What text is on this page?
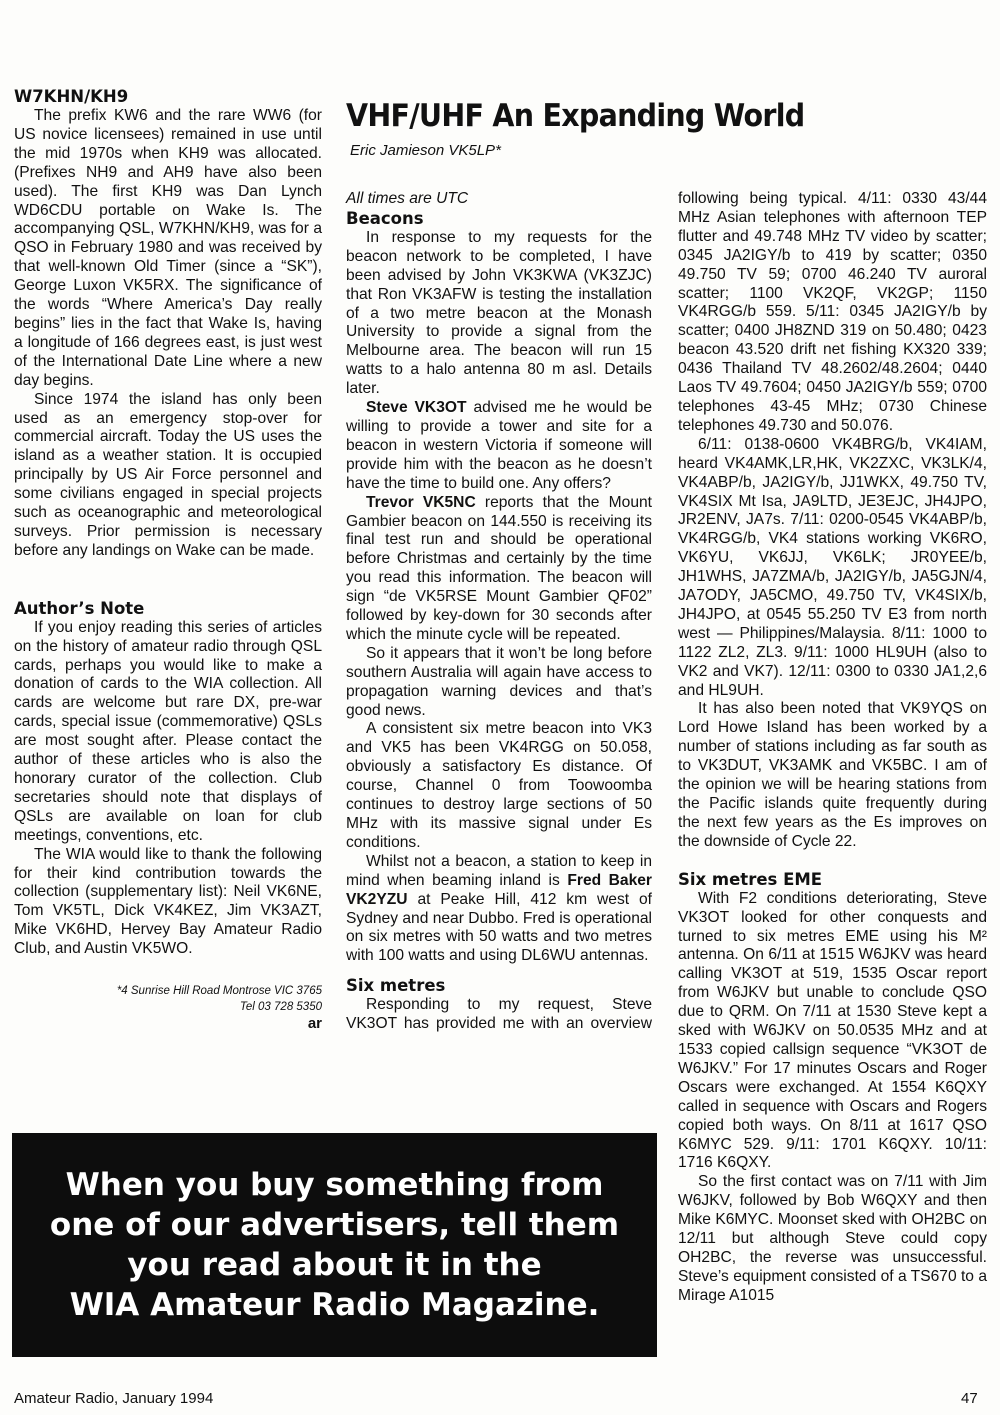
W7KHN/KH9

The prefix KW6 and the rare WW6 (for US novice licensees) remained in use until the mid 1970s when KH9 was allocated. (Prefixes NH9 and AH9 have also been used). The first KH9 was Dan Lynch WD6CDU portable on Wake Is. The accompanying QSL, W7KHN/KH9, was for a QSO in February 1980 and was received by that well-known Old Timer (since a “SK”), George Luxon VK5RX. The significance of the words “Where America’s Day really begins” lies in the fact that Wake Is, having a longitude of 166 degrees east, is just west of the International Date Line where a new day begins.

Since 1974 the island has only been used as an emergency stop-over for commercial aircraft. Today the US uses the island as a weather station. It is occupied principally by US Air Force personnel and some civilians engaged in special projects such as oceanographic and meteorological surveys. Prior permission is necessary before any landings on Wake can be made.

Author’s Note

If you enjoy reading this series of articles on the history of amateur radio through QSL cards, perhaps you would like to make a donation of cards to the WIA collection. All cards are welcome but rare DX, pre-war cards, special issue (commemorative) QSLs are most sought after. Please contact the author of these articles who is also the honorary curator of the collection. Club secretaries should note that displays of QSLs are available on loan for club meetings, conventions, etc.

The WIA would like to thank the following for their kind contribution towards the collection (supplementary list): Neil VK6NE, Tom VK5TL, Dick VK4KEZ, Jim VK3AZT, Mike VK6HD, Hervey Bay Amateur Radio Club, and Austin VK5WO.

*4 Sunrise Hill Road Montrose VIC 3765
Tel 03 728 5350
ar
VHF/UHF An Expanding World

Eric Jamieson VK5LP*

All times are UTC

Beacons

In response to my requests for the beacon network to be completed, I have been advised by John VK3KWA (VK3ZJC) that Ron VK3AFW is testing the installation of a two metre beacon at the Monash University to provide a signal from the Melbourne area. The beacon will run 15 watts to a halo antenna 80 m asl. Details later.

Steve VK3OT advised me he would be willing to provide a tower and site for a beacon in western Victoria if someone will provide him with the beacon as he doesn’t have the time to build one. Any offers?

Trevor VK5NC reports that the Mount Gambier beacon on 144.550 is receiving its final test run and should be operational before Christmas and certainly by the time you read this information. The beacon will sign “de VK5RSE Mount Gambier QF02” followed by key-down for 30 seconds after which the minute cycle will be repeated.

So it appears that it won’t be long before southern Australia will again have access to propagation warning devices and that’s good news.

A consistent six metre beacon into VK3 and VK5 has been VK4RGG on 50.058, obviously a satisfactory Es distance. Of course, Channel 0 from Toowoomba continues to destroy large sections of 50 MHz with its massive signal under Es conditions.

Whilst not a beacon, a station to keep in mind when beaming inland is Fred Baker VK2YZU at Peake Hill, 412 km west of Sydney and near Dubbo. Fred is operational on six metres with 50 watts and two metres with 100 watts and using DL6WU antennas.

Six metres

Responding to my request, Steve VK3OT has provided me with an overview

following being typical. 4/11: 0330 43/44 MHz Asian telephones with afternoon TEP flutter and 49.748 MHz TV video by scatter; 0345 JA2IGY/b to 419 by scatter; 0350 49.750 TV 59; 0700 46.240 TV auroral scatter; 1100 VK2QF, VK2GP; 1150 VK4RGG/b 559. 5/11: 0345 JA2IGY/b by scatter; 0400 JH8ZND 319 on 50.480; 0423 beacon 43.520 drift net fishing KX320 339; 0436 Thailand TV 48.2602/48.2604; 0440 Laos TV 49.7604; 0450 JA2IGY/b 559; 0700 telephones 43-45 MHz; 0730 Chinese telephones 49.730 and 50.076.

6/11: 0138-0600 VK4BRG/b, VK4IAM, heard VK4AMK,LR,HK, VK2ZXC, VK3LK/4, VK4ABP/b, JA2IGY/b, JJ1WKX, 49.750 TV, VK4SIX Mt Isa, JA9LTD, JE3EJC, JH4JPO, JR2ENV, JA7s. 7/11: 0200-0545 VK4ABP/b, VK4RGG/b, VK4 stations working VK6RO, VK6YU, VK6JJ, VK6LK; JR0YEE/b, JH1WHS, JA7ZMA/b, JA2IGY/b, JA5GJN/4, JA7ODY, JA5CMO, 49.750 TV, VK4SIX/b, JH4JPO, at 0545 55.250 TV E3 from north west — Philippines/Malaysia. 8/11: 1000 to 1122 ZL2, ZL3. 9/11: 1000 HL9UH (also to VK2 and VK7). 12/11: 0300 to 0330 JA1,2,6 and HL9UH.

It has also been noted that VK9YQS on Lord Howe Island has been worked by a number of stations including as far south as to VK3DUT, VK3AMK and VK5BC. I am of the opinion we will be hearing stations from the Pacific islands quite frequently during the next few years as the Es improves on the downside of Cycle 22.

Six metres EME

With F2 conditions deteriorating, Steve VK3OT looked for other conquests and turned to six metres EME using his M² antenna. On 6/11 at 1515 W6JKV was heard calling VK3OT at 519, 1535 Oscar report from W6JKV but unable to conclude QSO due to QRM. On 7/11 at 1530 Steve kept a sked with W6JKV on 50.0535 MHz and at 1533 copied callsign sequence “VK3OT de W6JKV.” For 17 minutes Oscars and Roger Oscars were exchanged. At 1554 K6QXY called in sequence with Oscars and Rogers copied both ways. On 8/11 at 1617 QSO K6MYC 529. 9/11: 1701 K6QXY. 10/11: 1716 K6QXY.

So the first contact was on 7/11 with Jim W6JKV, followed by Bob W6QXY and then Mike K6MYC. Moonset sked with OH2BC on 12/11 but although Steve could copy OH2BC, the reverse was unsuccessful. Steve’s equipment consisted of a TS670 to a Mirage A1015

When you buy something from
one of our advertisers, tell them
you read about it in the
WIA Amateur Radio Magazine.
Amateur Radio, January 1994	47
